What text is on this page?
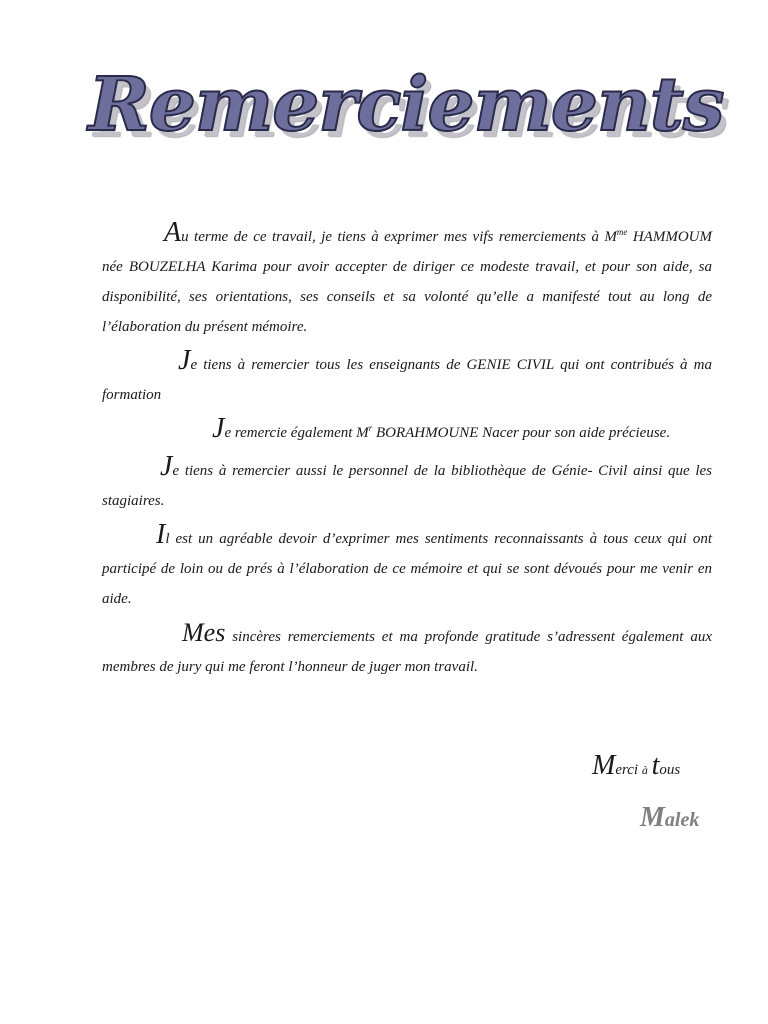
Remerciements

Au terme de ce travail, je tiens à exprimer mes vifs remerciements à $M^{me}$ HAMMOUM née BOUZELHA Karima pour avoir accepter de diriger ce modeste travail, et pour son aide, sa disponibilité, ses orientations, ses conseils et sa volonté qu’elle a manifesté tout au long de l’élaboration du présent mémoire.

Je tiens à remercier tous les enseignants de GENIE CIVIL qui ont contribués à ma formation

Je remercie également $M^r$ BORAHMOUNE Nacer pour son aide précieuse.

Je tiens à remercier aussi le personnel de la bibliothèque de Génie- Civil ainsi que les stagiaires.

Il est un agréable devoir d’exprimer mes sentiments reconnaissants à tous ceux qui ont participé de loin ou de prés à l’élaboration de ce mémoire et qui se sont dévoués pour me venir en aide.

Mes sincères remerciements et ma profonde gratitude s’adressent également aux membres de jury qui me feront l’honneur de juger mon travail.

Merci à tous
Malek
